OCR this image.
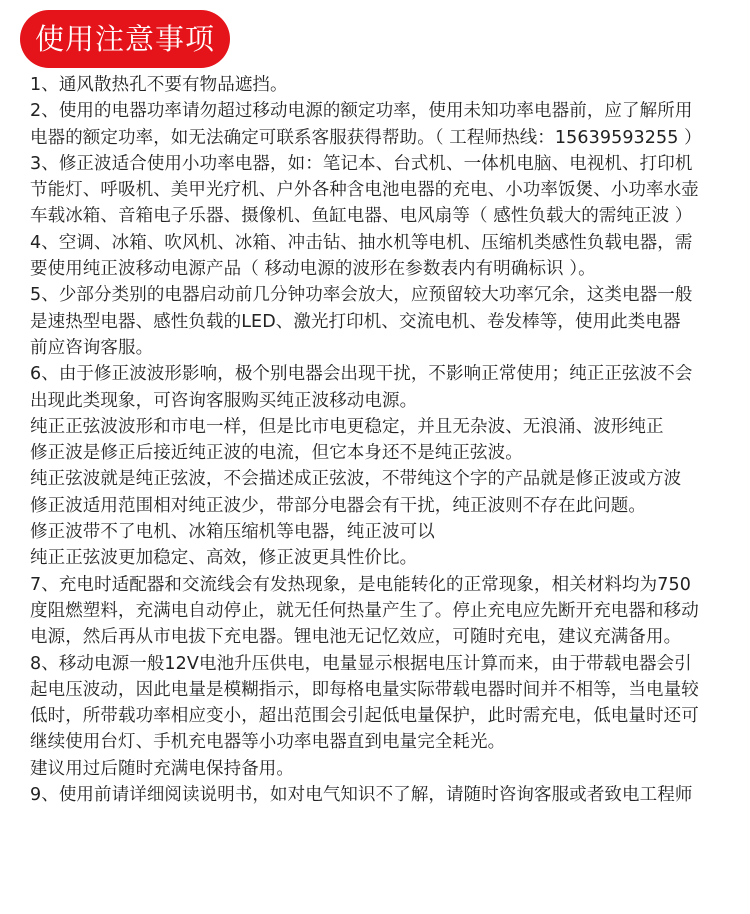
使用注意事项
1、通风散热孔不要有物品遮挡。
2、使用的电器功率请勿超过移动电源的额定功率，使用未知功率电器前，应了解所用
电器的额定功率，如无法确定可联系客服获得帮助。（ 工程师热线：15639593255 ）
3、修正波适合使用小功率电器，如：笔记本、台式机、一体机电脑、电视机、打印机
节能灯、呼吸机、美甲光疗机、户外各种含电池电器的充电、小功率饭煲、小功率水壶
车载冰箱、音箱电子乐器、摄像机、鱼缸电器、电风扇等（ 感性负载大的需纯正波 ）
4、空调、冰箱、吹风机、冰箱、冲击钻、抽水机等电机、压缩机类感性负载电器，需
要使用纯正波移动电源产品（ 移动电源的波形在参数表内有明确标识 ）。
5、少部分类别的电器启动前几分钟功率会放大，应预留较大功率冗余，这类电器一般
是速热型电器、感性负载的LED、激光打印机、交流电机、卷发棒等，使用此类电器
前应咨询客服。
6、由于修正波波形影响，极个别电器会出现干扰，不影响正常使用；纯正正弦波不会
出现此类现象，可咨询客服购买纯正波移动电源。
纯正正弦波波形和市电一样，但是比市电更稳定，并且无杂波、无浪涌、波形纯正
修正波是修正后接近纯正波的电流，但它本身还不是纯正弦波。
纯正弦波就是纯正弦波，不会描述成正弦波，不带纯这个字的产品就是修正波或方波
修正波适用范围相对纯正波少，带部分电器会有干扰，纯正波则不存在此问题。
修正波带不了电机、冰箱压缩机等电器，纯正波可以
纯正正弦波更加稳定、高效，修正波更具性价比。
7、充电时适配器和交流线会有发热现象，是电能转化的正常现象，相关材料均为750
度阻燃塑料，充满电自动停止，就无任何热量产生了。停止充电应先断开充电器和移动
电源，然后再从市电拔下充电器。锂电池无记忆效应，可随时充电，建议充满备用。
8、移动电源一般12V电池升压供电，电量显示根据电压计算而来，由于带载电器会引
起电压波动，因此电量是模糊指示，即每格电量实际带载电器时间并不相等，当电量较
低时，所带载功率相应变小，超出范围会引起低电量保护，此时需充电，低电量时还可
继续使用台灯、手机充电器等小功率电器直到电量完全耗光。
建议用过后随时充满电保持备用。
9、使用前请详细阅读说明书，如对电气知识不了解，请随时咨询客服或者致电工程师
